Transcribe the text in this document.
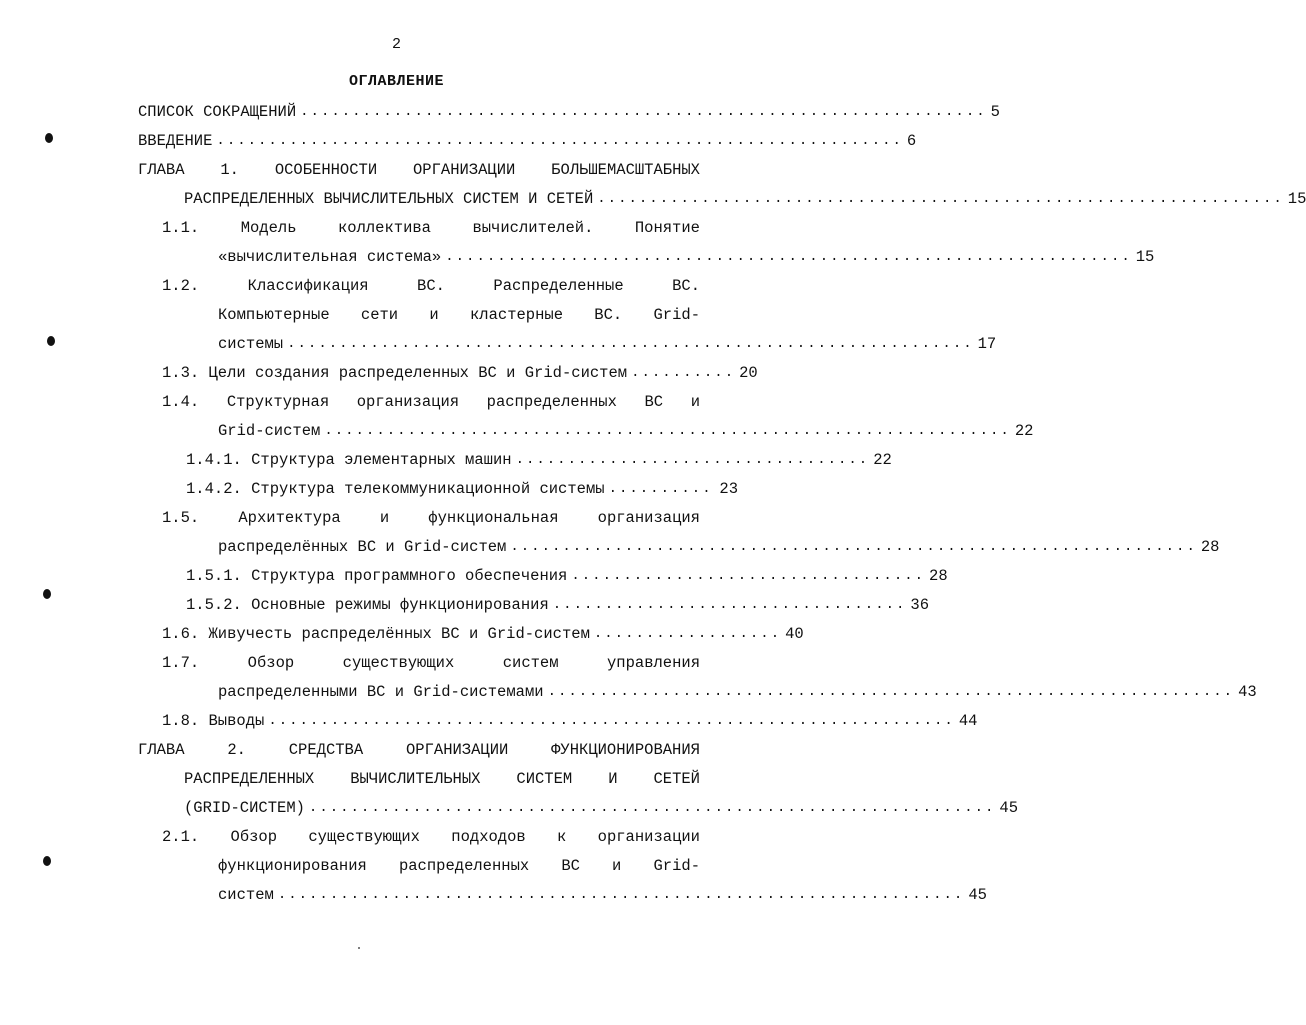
2
ОГЛАВЛЕНИЕ
СПИСОК СОКРАЩЕНИЙ .................................................................. 5
ВВЕДЕНИЕ .................................................................. 6
ГЛАВА 1. ОСОБЕННОСТИ ОРГАНИЗАЦИИ БОЛЬШЕМАСШТАБНЫХ
РАСПРЕДЕЛЕННЫХ ВЫЧИСЛИТЕЛЬНЫХ СИСТЕМ И СЕТЕЙ .................................................................. 15
1.1.	Модель	коллектива	вычислителей.	Понятие
«вычислительная система» .................................................................. 15
1.2.	Классификация	ВС.	Распределенные	ВС.
Компьютерные сети и кластерные ВС. Grid-
системы .................................................................. 17
1.3. Цели создания распределенных ВС и Grid-систем .......... 20
1.4. Структурная организация распределенных ВС и
Grid-систем .................................................................. 22
1.4.1. Структура элементарных машин .................................. 22
1.4.2. Структура телекоммуникационной системы .......... 23
1.5.	Архитектура	и	функциональная	организация
распределённых ВС и Grid-систем .................................................................. 28
1.5.1. Структура программного обеспечения .................................. 28
1.5.2. Основные режимы функционирования .................................. 36
1.6. Живучесть распределённых ВС и Grid-систем .................. 40
1.7.	Обзор	существующих	систем	управления
распределенными ВС и Grid-системами .................................................................. 43
1.8. Выводы .................................................................. 44
ГЛАВА	2.	СРЕДСТВА	ОРГАНИЗАЦИИ	ФУНКЦИОНИРОВАНИЯ
РАСПРЕДЕЛЕННЫХ ВЫЧИСЛИТЕЛЬНЫХ СИСТЕМ И СЕТЕЙ
(GRID-СИСТЕМ) .................................................................. 45
2.1. Обзор существующих подходов к организации
функционирования распределенных ВС и Grid-
систем .................................................................. 45
